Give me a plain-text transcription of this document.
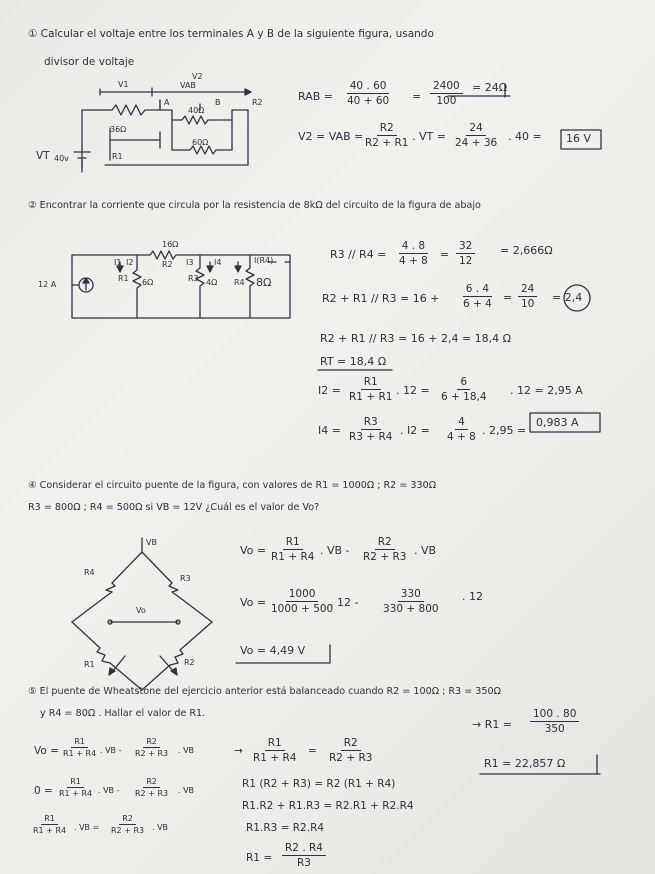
① Calcular el voltaje entre los terminales A y B de la siguiente figura, usando
divisor de voltaje
V2
V1	VAB
A	B	R2
40Ω
36Ω
60Ω
R1
VT 40v
RAB = $\frac{40 . 60}{40 + 60} = \frac{2400}{100} = 24\Omega$
V2 = VAB =
$\frac{R2}{R2 + R1}$ . VT = $\frac{24}{24 + 36}$ . 40 = 16 V
② Encontrar la corriente que circula por la resistencia de 8kΩ del circuito de la figura de abajo
16Ω
I1 I2	R2 I3	I4	I(R4)
12 A
R1 6Ω	R3 4Ω R4 8Ω
$R3 // R4 = \frac{4 . 8}{4 + 8} = \frac{32}{12} = 2,666\Omega$
$R2 + R1 // R3 = 16 + \frac{6 . 4}{6 + 4} = \frac{24}{10} = 2,4$
R2 + R1 // R3 = 16 + 2,4 = 18,4 Ω
RT = 18,4 Ω
$I2 = \frac{R1}{R1 + R1}$ . $12 = \frac{6}{6 + 18,4}$ . 12 = 2,95 A
$I4 = \frac{R3}{R3 + R4}$ . $I2 = \frac{4}{4 + 8}$ . 2,95 =
0,983 A
④ Considerar el circuito puente de la figura, con valores de R1 = 1000Ω ; R2 = 330Ω
R3 = 800Ω ; R4 = 500Ω si VB = 12V ¿Cuál es el valor de Vo?
VB
R4
R3
Vo
R1	R2
$Vo = \frac{R1}{R1 + R4}$ . VB - $\frac{R2}{R2 + R3}$ . VB
$Vo = \frac{1000}{1000 + 500}$
. $12 - \frac{330}{330 + 800}$ . 12
Vo = 4,49 V
⑤ El puente de Wheatstone del ejercicio anterior está balanceado cuando R2 = 100Ω ; R3 = 350Ω
y R4 = 80Ω . Hallar el valor de R1.
$Vo = \frac{R1}{R1 + R4}$ . VB - $\frac{R2}{R2 + R3}$ . VB
$0 = \frac{R1}{R1 + R4}$ . VB - $\frac{R2}{R2 + R3}$ . VB
$\frac{R1}{R1 + R4}$ . VB = $\frac{R2}{R2 + R3}$ . VB
→ $\frac{R1}{R1 + R4} = \frac{R2}{R2 + R3}$
R1 (R2 + R3) = R2 (R1 + R4)
R1.R2 + R1.R3 = R2.R1 + R2.R4
R1.R3 = R2.R4
$R1 = \frac{R2 . R4}{R3}$
→ $R1 = \frac{100 . 80}{350}$
R1 = 22,857 Ω
